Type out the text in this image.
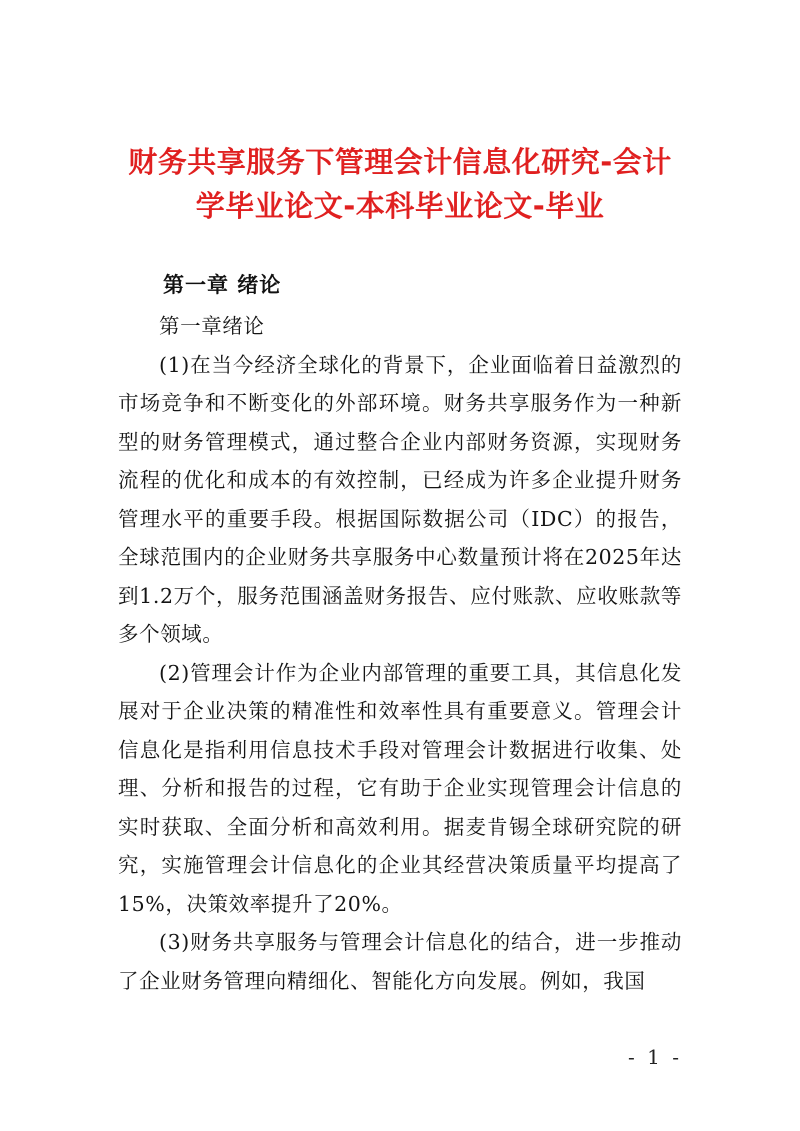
财务共享服务下管理会计信息化研究-会计
学毕业论文-本科毕业论文-毕业
第一章 绪论

第一章绪论

(1)在当今经济全球化的背景下，企业面临着日益激烈的市场竞争和不断变化的外部环境。财务共享服务作为一种新型的财务管理模式，通过整合企业内部财务资源，实现财务流程的优化和成本的有效控制，已经成为许多企业提升财务管理水平的重要手段。根据国际数据公司（IDC）的报告，全球范围内的企业财务共享服务中心数量预计将在2025年达到1.2万个，服务范围涵盖财务报告、应付账款、应收账款等多个领域。

(2)管理会计作为企业内部管理的重要工具，其信息化发展对于企业决策的精准性和效率性具有重要意义。管理会计信息化是指利用信息技术手段对管理会计数据进行收集、处理、分析和报告的过程，它有助于企业实现管理会计信息的实时获取、全面分析和高效利用。据麦肯锡全球研究院的研究，实施管理会计信息化的企业其经营决策质量平均提高了15%，决策效率提升了20%。

(3)财务共享服务与管理会计信息化的结合，进一步推动了企业财务管理向精细化、智能化方向发展。例如，我国

- 1 -
